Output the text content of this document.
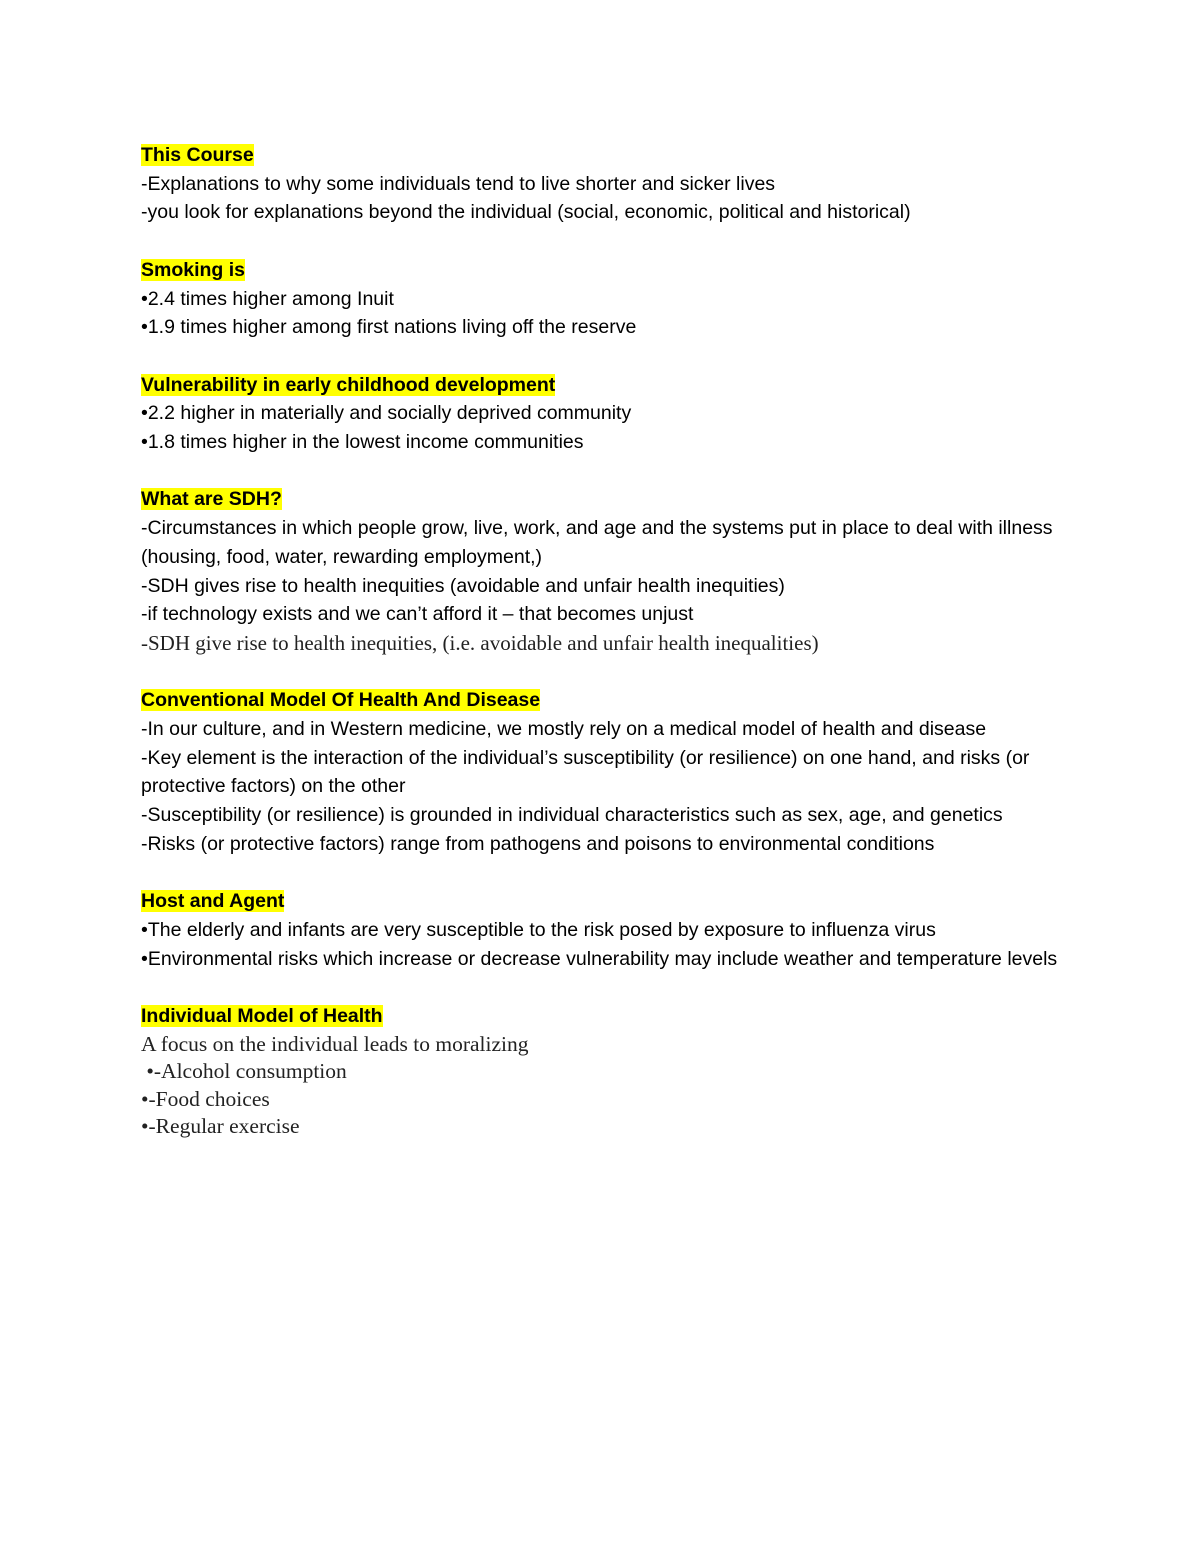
This Course

-Explanations to why some individuals tend to live shorter and sicker lives

-you look for explanations beyond the individual (social, economic, political and historical)

Smoking is

•2.4 times higher among Inuit

•1.9 times higher among first nations living off the reserve

Vulnerability in early childhood development

•2.2 higher in materially and socially deprived community

•1.8 times higher in the lowest income communities

What are SDH?

-Circumstances in which people grow, live, work, and age and the systems put in place to deal with illness (housing, food, water, rewarding employment,)

-SDH gives rise to health inequities (avoidable and unfair health inequities)

-if technology exists and we can’t afford it – that becomes unjust

-SDH give rise to health inequities, (i.e. avoidable and unfair health inequalities)

Conventional Model Of Health And Disease

-In our culture, and in Western medicine, we mostly rely on a medical model of health and disease

-Key element is the interaction of the individual’s susceptibility (or resilience) on one hand, and risks (or protective factors) on the other

-Susceptibility (or resilience) is grounded in individual characteristics such as sex, age, and genetics

-Risks (or protective factors) range from pathogens and poisons to environmental conditions

Host and Agent

•The elderly and infants are very susceptible to the risk posed by exposure to influenza virus

•Environmental risks which increase or decrease vulnerability may include weather and temperature levels

Individual Model of Health

A focus on the individual leads to moralizing

•-Alcohol consumption

•-Food choices

•-Regular exercise
